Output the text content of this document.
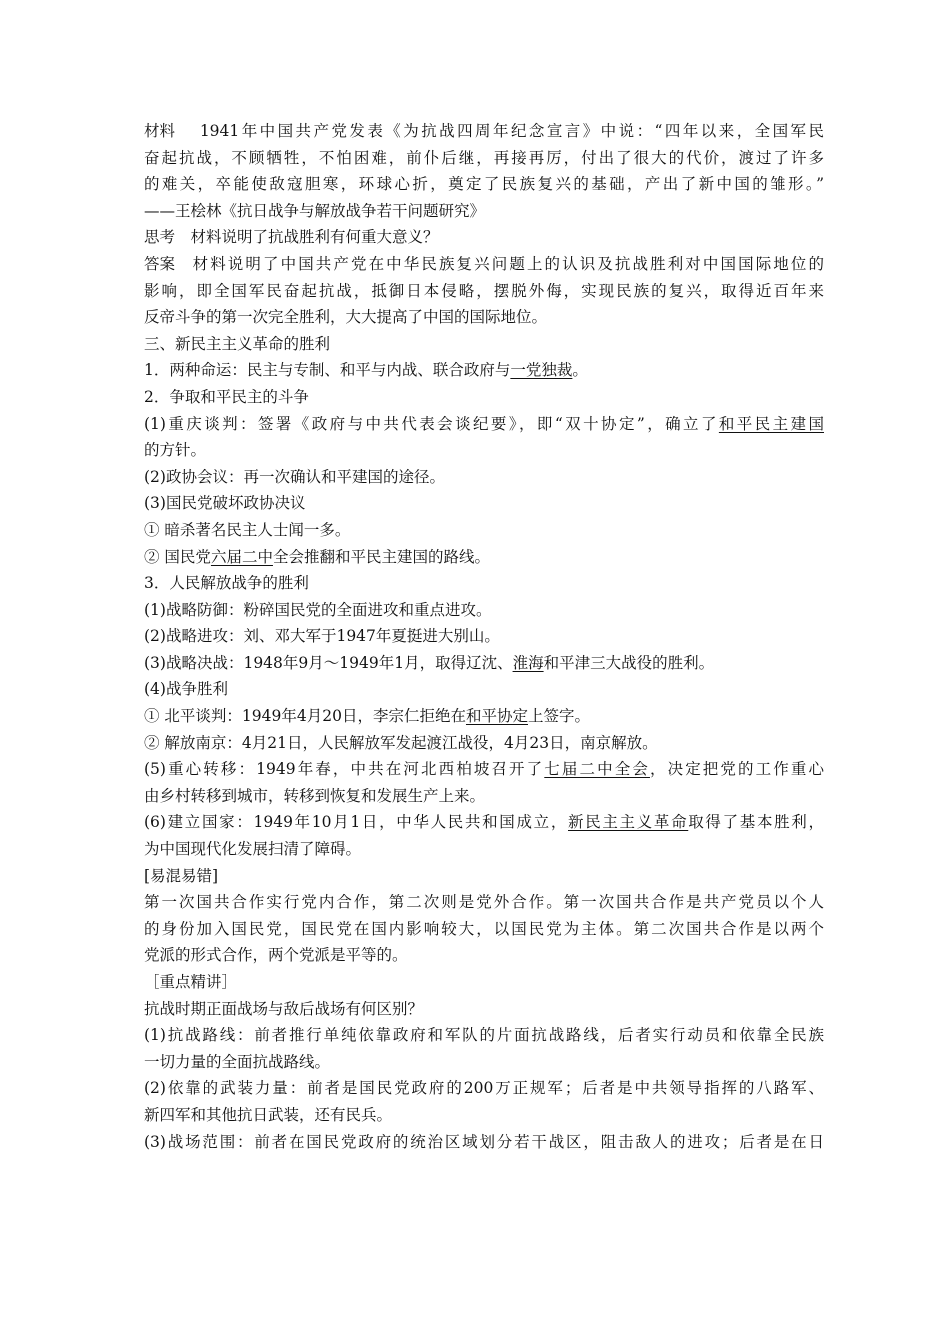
材料 1941年中国共产党发表《为抗战四周年纪念宣言》中说：“四年以来，全国军民
奋起抗战，不顾牺牲，不怕困难，前仆后继，再接再厉，付出了很大的代价，渡过了许多
的难关，卒能使敌寇胆寒，环球心折，奠定了民族复兴的基础，产出了新中国的雏形。”
——王桧林《抗日战争与解放战争若干问题研究》
思考 材料说明了抗战胜利有何重大意义？
答案 材料说明了中国共产党在中华民族复兴问题上的认识及抗战胜利对中国国际地位的
影响，即全国军民奋起抗战，抵御日本侵略，摆脱外侮，实现民族的复兴，取得近百年来
反帝斗争的第一次完全胜利，大大提高了中国的国际地位。
三、新民主主义革命的胜利
1．两种命运：民主与专制、和平与内战、联合政府与一党独裁。
2．争取和平民主的斗争
(1)重庆谈判：签署《政府与中共代表会谈纪要》，即“双十协定”，确立了和平民主建国
的方针。
(2)政协会议：再一次确认和平建国的途径。
(3)国民党破坏政协决议
① 暗杀著名民主人士闻一多。
② 国民党六届二中全会推翻和平民主建国的路线。
3．人民解放战争的胜利
(1)战略防御：粉碎国民党的全面进攻和重点进攻。
(2)战略进攻：刘、邓大军于1947年夏挺进大别山。
(3)战略决战：1948年9月～1949年1月，取得辽沈、淮海和平津三大战役的胜利。
(4)战争胜利
① 北平谈判：1949年4月20日，李宗仁拒绝在和平协定上签字。
② 解放南京：4月21日，人民解放军发起渡江战役，4月23日，南京解放。
(5)重心转移：1949年春，中共在河北西柏坡召开了七届二中全会，决定把党的工作重心
由乡村转移到城市，转移到恢复和发展生产上来。
(6)建立国家：1949年10月1日，中华人民共和国成立，新民主主义革命取得了基本胜利，
为中国现代化发展扫清了障碍。
[易混易错]
第一次国共合作实行党内合作，第二次则是党外合作。第一次国共合作是共产党员以个人
的身份加入国民党，国民党在国内影响较大，以国民党为主体。第二次国共合作是以两个
党派的形式合作，两个党派是平等的。
［重点精讲］
抗战时期正面战场与敌后战场有何区别？
(1)抗战路线：前者推行单纯依靠政府和军队的片面抗战路线，后者实行动员和依靠全民族
一切力量的全面抗战路线。
(2)依靠的武装力量：前者是国民党政府的200万正规军；后者是中共领导指挥的八路军、
新四军和其他抗日武装，还有民兵。
(3)战场范围：前者在国民党政府的统治区域划分若干战区，阻击敌人的进攻；后者是在日
